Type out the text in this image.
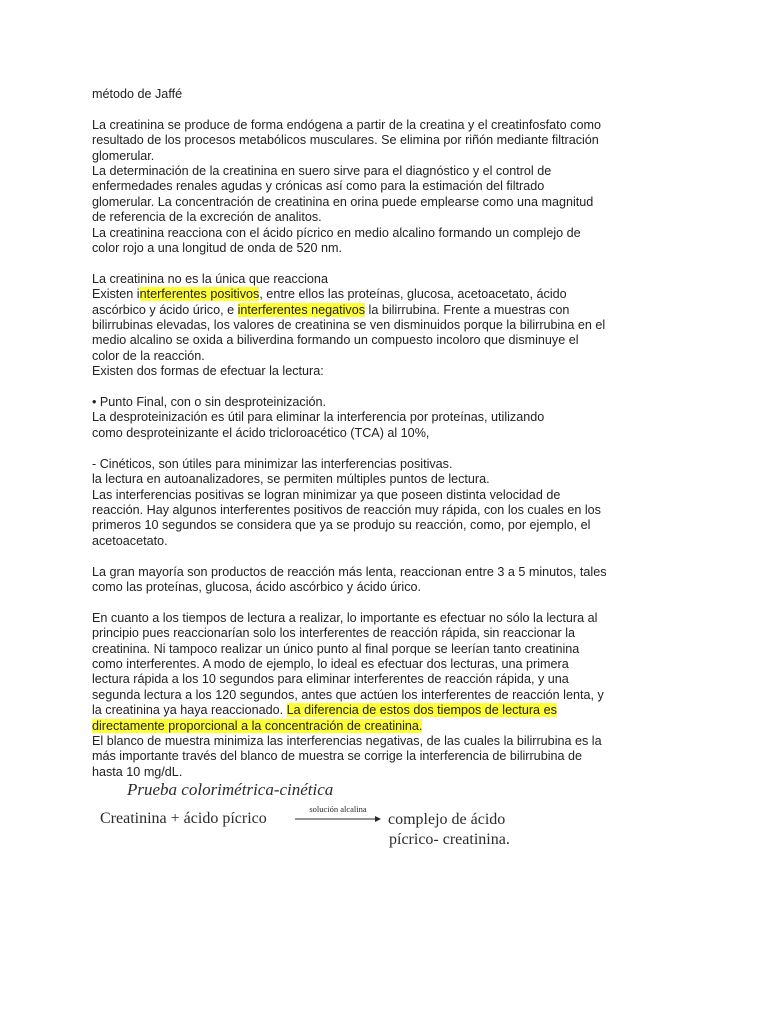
método de Jaffé

La creatinina se produce de forma endógena a partir de la creatina y el creatinfosfato como

resultado de los procesos metabólicos musculares. Se elimina por riñón mediante filtración

glomerular.

La determinación de la creatinina en suero sirve para el diagnóstico y el control de

enfermedades renales agudas y crónicas así como para la estimación del filtrado

glomerular. La concentración de creatinina en orina puede emplearse como una magnitud

de referencia de la excreción de analitos.

La creatinina reacciona con el ácido pícrico en medio alcalino formando un complejo de

color rojo a una longitud de onda de 520 nm.

La creatinina no es la única que reacciona

Existen interferentes positivos, entre ellos las proteínas, glucosa, acetoacetato, ácido

ascórbico y ácido úrico, e interferentes negativos la bilirrubina. Frente a muestras con

bilirrubinas elevadas, los valores de creatinina se ven disminuidos porque la bilirrubina en el

medio alcalino se oxida a biliverdina formando un compuesto incoloro que disminuye el

color de la reacción.

Existen dos formas de efectuar la lectura:

• Punto Final, con o sin desproteinización.

La desproteinización es útil para eliminar la interferencia por proteínas, utilizando

como desproteinizante el ácido tricloroacético (TCA) al 10%,

- Cinéticos, son útiles para minimizar las interferencias positivas.

la lectura en autoanalizadores, se permiten múltiples puntos de lectura.

Las interferencias positivas se logran minimizar ya que poseen distinta velocidad de

reacción. Hay algunos interferentes positivos de reacción muy rápida, con los cuales en los

primeros 10 segundos se considera que ya se produjo su reacción, como, por ejemplo, el

acetoacetato.

La gran mayoría son productos de reacción más lenta, reaccionan entre 3 a 5 minutos, tales

como las proteínas, glucosa, ácido ascórbico y ácido úrico.

En cuanto a los tiempos de lectura a realizar, lo importante es efectuar no sólo la lectura al

principio pues reaccionarían solo los interferentes de reacción rápida, sin reaccionar la

creatinina. Ni tampoco realizar un único punto al final porque se leerían tanto creatinina

como interferentes. A modo de ejemplo, lo ideal es efectuar dos lecturas, una primera

lectura rápida a los 10 segundos para eliminar interferentes de reacción rápida, y una

segunda lectura a los 120 segundos, antes que actúen los interferentes de reacción lenta, y

la creatinina ya haya reaccionado. La diferencia de estos dos tiempos de lectura es

directamente proporcional a la concentración de creatinina.

El blanco de muestra minimiza las interferencias negativas, de las cuales la bilirrubina es la

más importante través del blanco de muestra se corrige la interferencia de bilirrubina de

hasta 10 mg/dL.

Prueba colorimétrica-cinética
Creatinina + ácido pícrico
solución alcalina
complejo de ácido
pícrico- creatinina.
